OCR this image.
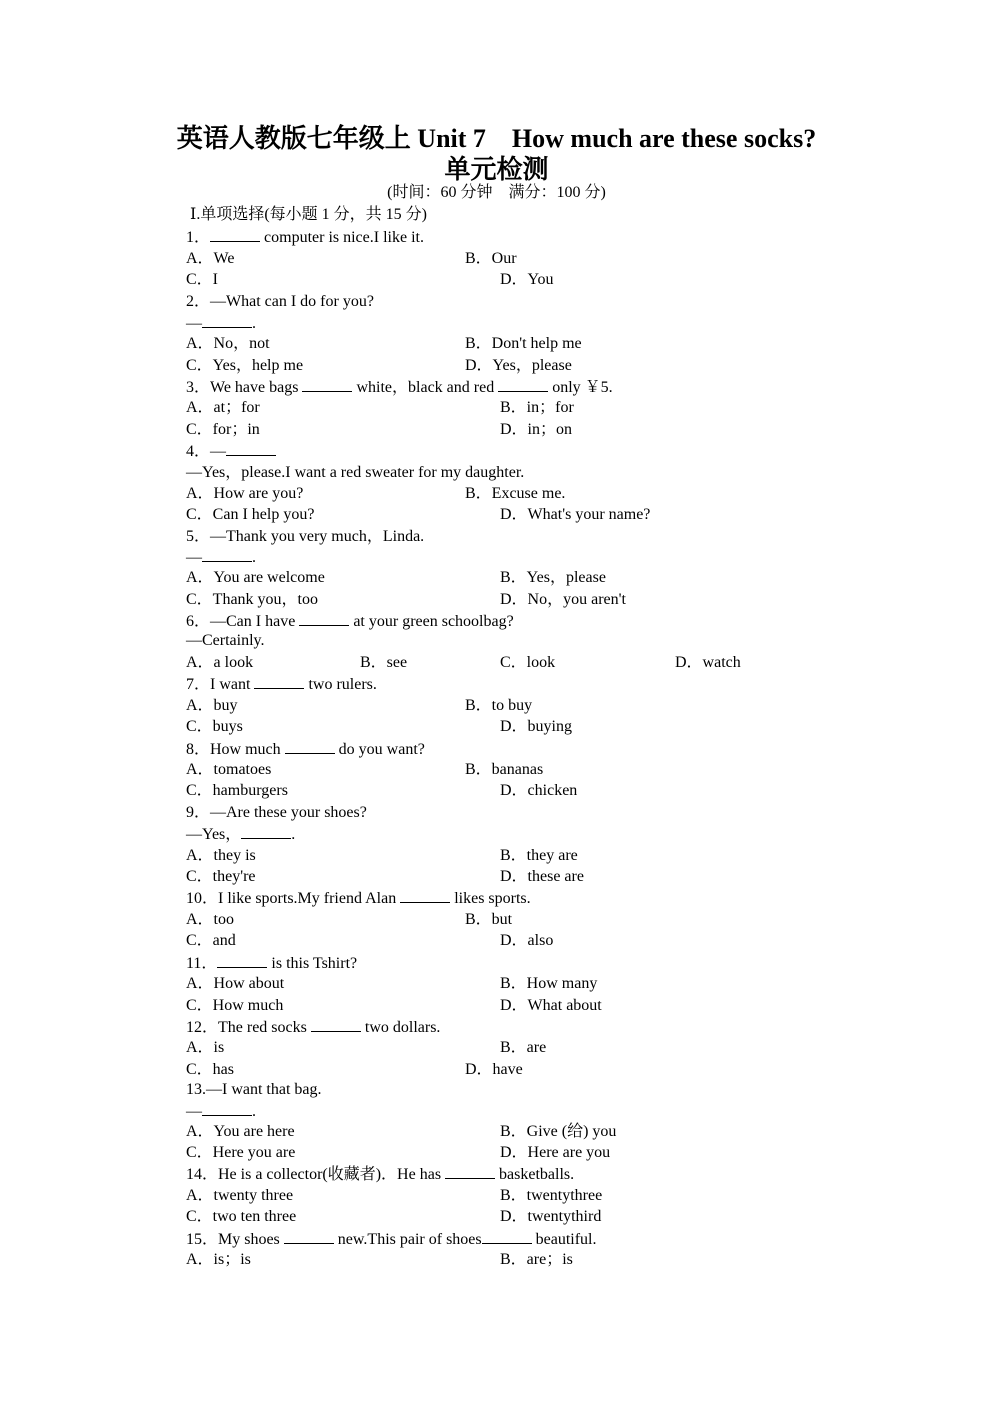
英语人教版七年级上 Unit 7　How much are these socks?
单元检测
(时间：60 分钟　满分：100 分)
Ⅰ.单项选择(每小题 1 分，共 15 分)
1．	computer is nice.I like it.
A．We	B．Our
C．I	D．You
2．—What can I do for you?
—	.
A．No，not	B．Don't help me
C．Yes，help me	D．Yes，please
3．We have bags	white，black and red	only ￥5.
A．at；for	B．in；for
C．for；in	D．in；on
4．—
—Yes，please.I want a red sweater for my daughter.
A．How are you?	B．Excuse me.
C．Can I help you?	D．What's your name?
5．—Thank you very much，Linda.
—	.
A．You are welcome	B．Yes，please
C．Thank you，too	D．No，you aren't
6．—Can I have	at your green schoolbag?
—Certainly.
A．a look	B．see	C．look	D．watch
7．I want	two rulers.
A．buy	B．to buy
C．buys	D．buying
8．How much	do you want?
A．tomatoes	B．bananas
C．hamburgers	D．chicken
9．—Are these your shoes?
—Yes，	.
A．they is	B．they are
C．they're	D．these are
10．I like sports.My friend Alan	likes sports.
A．too	B．but
C．and	D．also
11．	is this Tshirt?
A．How about	B．How many
C．How much	D．What about
12．The red socks	two dollars.
A．is	B．are
C．has	D．have
13.—I want that bag.
—	.
A．You are here	B．Give (给) you
C．Here you are	D．Here are you
14．He is a collector(收藏者)．He has	basketballs.
A．twenty three	B．twentythree
C．two ten three	D．twentythird
15．My shoes	new.This pair of shoes	beautiful.
A．is；is	B．are；is
